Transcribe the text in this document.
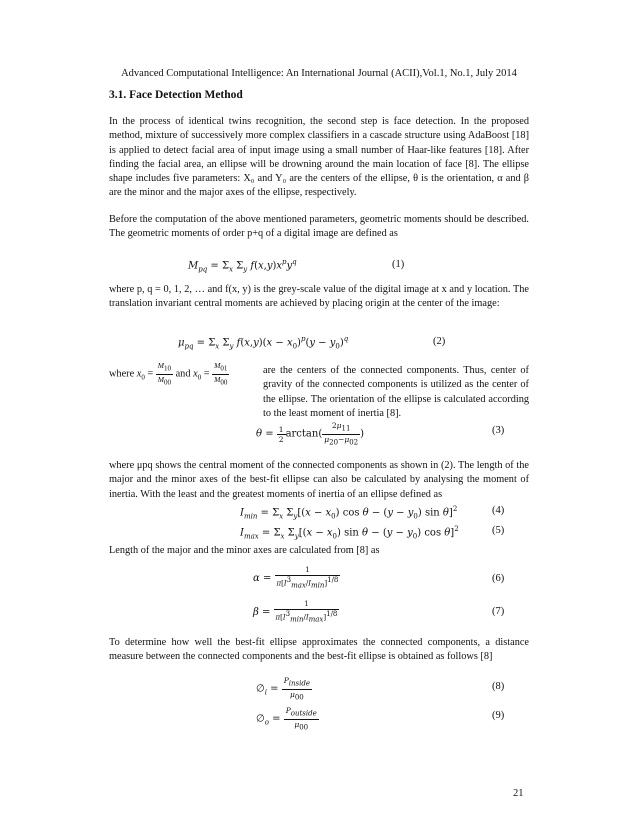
Advanced Computational Intelligence: An International Journal (ACII),Vol.1, No.1, July 2014
3.1. Face Detection Method
In the process of identical twins recognition, the second step is face detection. In the proposed method, mixture of successively more complex classifiers in a cascade structure using AdaBoost [18] is applied to detect facial area of input image using a small number of Haar-like features [18]. After finding the facial area, an ellipse will be drowning around the main location of face [8]. The ellipse shape includes five parameters: X₀ and Y₀ are the centers of the ellipse, θ is the orientation, α and β are the minor and the major axes of the ellipse, respectively.
Before the computation of the above mentioned parameters, geometric moments should be described. The geometric moments of order p+q of a digital image are defined as
$M_{pq} = \Sigma_x$ $\Sigma_y$ $f(x,y)x^py^q$	(1)
where p, q = 0, 1, 2, … and f(x, y) is the grey-scale value of the digital image at x and y location. The translation invariant central moments are achieved by placing origin at the center of the image:
$\mu_{pq} = \Sigma_x$ $\Sigma_y$ $f(x,y)(x - x_0)^p(y - y_0)^q$	(2)
where $x_0 = \frac{M_{10}}{M_{00}}$ and $x_0 = \frac{M_{01}}{M_{00}}$	are the centers of the connected components. Thus, center of gravity of the connected components is utilized as the center of the ellipse. The orientation of the ellipse is calculated according to the least moment of inertia [8].
$\theta = \frac{1}{2} \arctan( \frac{2\mu_{11}}{\mu_{20}-\mu_{02}}$ )	(3)
where μpq shows the central moment of the connected components as shown in (2). The length of the major and the minor axes of the best-fit ellipse can also be calculated by analysing the moment of inertia. With the least and the greatest moments of inertia of an ellipse defined as
$I_{min} = \Sigma_x$ $\Sigma_y[(x - x_0)$ $\cos \theta - (y - y_0)$ sin θ]$^2$	(4)
$I_{max} = \Sigma_x$ $\Sigma_y[(x - x_0)$ $\sin \theta - (y - y_0)$ cos θ]$^2$	(5)
Length of the major and the minor axes are calculated from [8] as
$\alpha = \frac{1}{\pi[I^3_{max}/I_{min}]^{1/8}}$	(6)
$\beta = \frac{1}{\pi[I^3_{min}/I_{max}]^{1/8}}$	(7)
To determine how well the best-fit ellipse approximates the connected components, a distance measure between the connected components and the best-fit ellipse is obtained as follows [8]
$\emptyset_i = \frac{P_{inside}}{\mu_{00}}$	(8)
$\emptyset_o = \frac{P_{outside}}{\mu_{00}}$	(9)
21
